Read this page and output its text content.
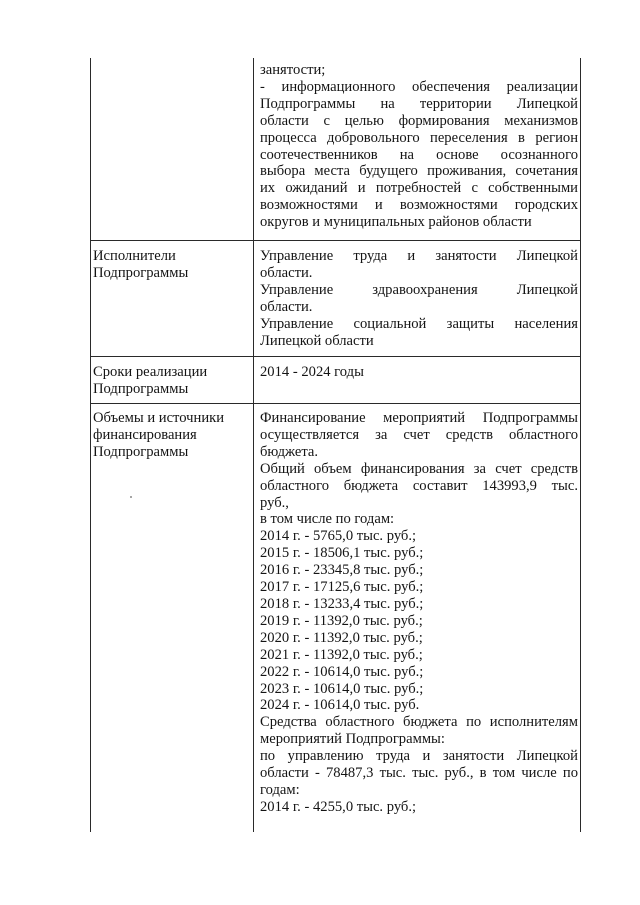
занятости;

- информационного обеспечения реализации

Подпрограммы на территории Липецкой

области с целью формирования механизмов

процесса добровольного переселения в регион

соотечественников на основе осознанного

выбора места будущего проживания, сочетания

их ожиданий и потребностей с собственными

возможностями и возможностями городских

округов и муниципальных районов области

Исполнители

Подпрограммы

Управление труда и занятости Липецкой

области.

Управление здравоохранения Липецкой

области.

Управление социальной защиты населения

Липецкой области

Сроки реализации

Подпрограммы

2014 - 2024 годы

Объемы и источники

финансирования

Подпрограммы

Финансирование мероприятий Подпрограммы

осуществляется за счет средств областного

бюджета.

Общий объем финансирования за счет средств

областного бюджета составит 143993,9 тыс.

руб.,

в том числе по годам:

2014 г. - 5765,0 тыс. руб.;

2015 г. - 18506,1 тыс. руб.;

2016 г. - 23345,8 тыс. руб.;

2017 г. - 17125,6 тыс. руб.;

2018 г. - 13233,4 тыс. руб.;

2019 г. - 11392,0 тыс. руб.;

2020 г. - 11392,0 тыс. руб.;

2021 г. - 11392,0 тыс. руб.;

2022 г. - 10614,0 тыс. руб.;

2023 г. - 10614,0 тыс. руб.;

2024 г. - 10614,0 тыс. руб.

Средства областного бюджета по исполнителям

мероприятий Подпрограммы:

по управлению труда и занятости Липецкой

области - 78487,3 тыс. тыс. руб., в том числе по

годам:

2014 г. - 4255,0 тыс. руб.;
